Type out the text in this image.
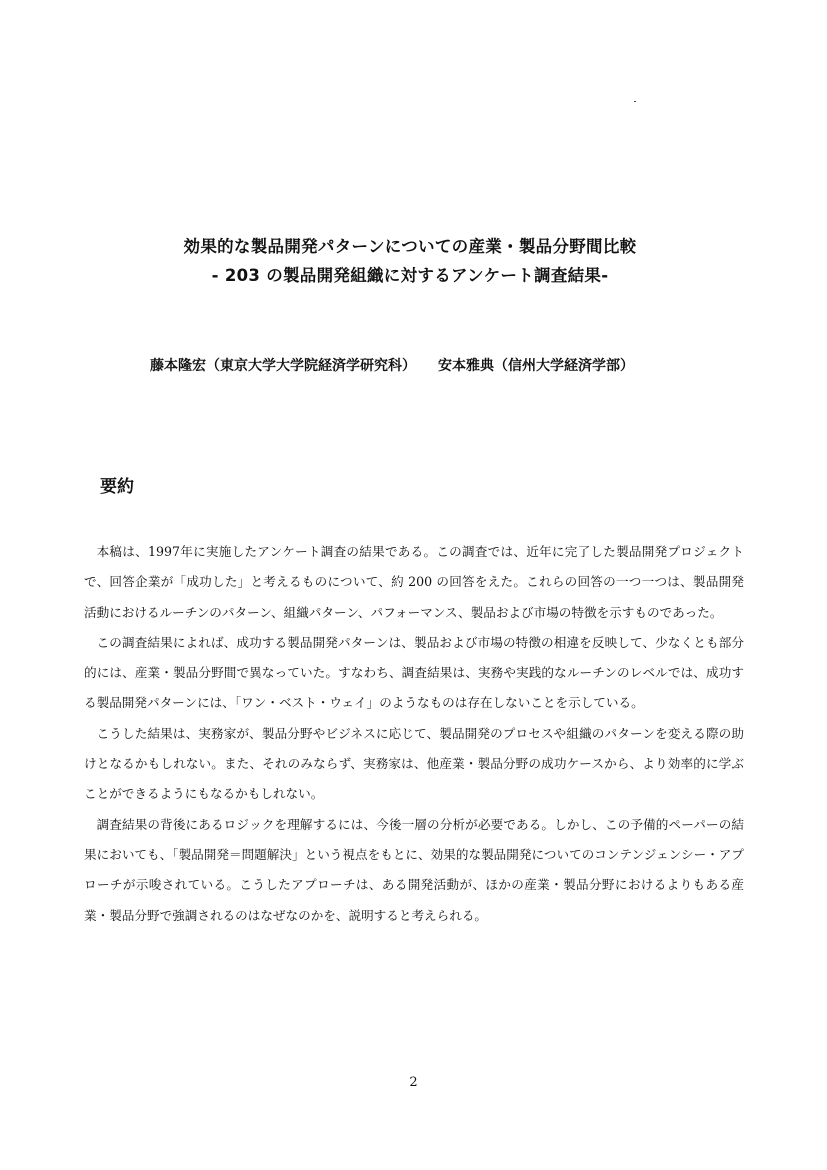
効果的な製品開発パターンについての産業・製品分野間比較
- 203 の製品開発組織に対するアンケート調査結果-
藤本隆宏（東京大学大学院経済学研究科） 安本雅典（信州大学経済学部）
要約

本稿は、1997年に実施したアンケート調査の結果である。この調査では、近年に完了した製品開発プロジェクトで、回答企業が「成功した」と考えるものについて、約 200 の回答をえた。これらの回答の一つ一つは、製品開発活動におけるルーチンのパターン、組織パターン、パフォーマンス、製品および市場の特徴を示すものであった。

この調査結果によれば、成功する製品開発パターンは、製品および市場の特徴の相違を反映して、少なくとも部分的には、産業・製品分野間で異なっていた。すなわち、調査結果は、実務や実践的なルーチンのレベルでは、成功する製品開発パターンには、「ワン・ベスト・ウェイ」のようなものは存在しないことを示している。

こうした結果は、実務家が、製品分野やビジネスに応じて、製品開発のプロセスや組織のパターンを変える際の助けとなるかもしれない。また、それのみならず、実務家は、他産業・製品分野の成功ケースから、より効率的に学ぶことができるようにもなるかもしれない。

調査結果の背後にあるロジックを理解するには、今後一層の分析が必要である。しかし、この予備的ペーパーの結果においても、「製品開発＝問題解決」という視点をもとに、効果的な製品開発についてのコンテンジェンシー・アプローチが示唆されている。こうしたアプローチは、ある開発活動が、ほかの産業・製品分野におけるよりもある産業・製品分野で強調されるのはなぜなのかを、説明すると考えられる。

2
